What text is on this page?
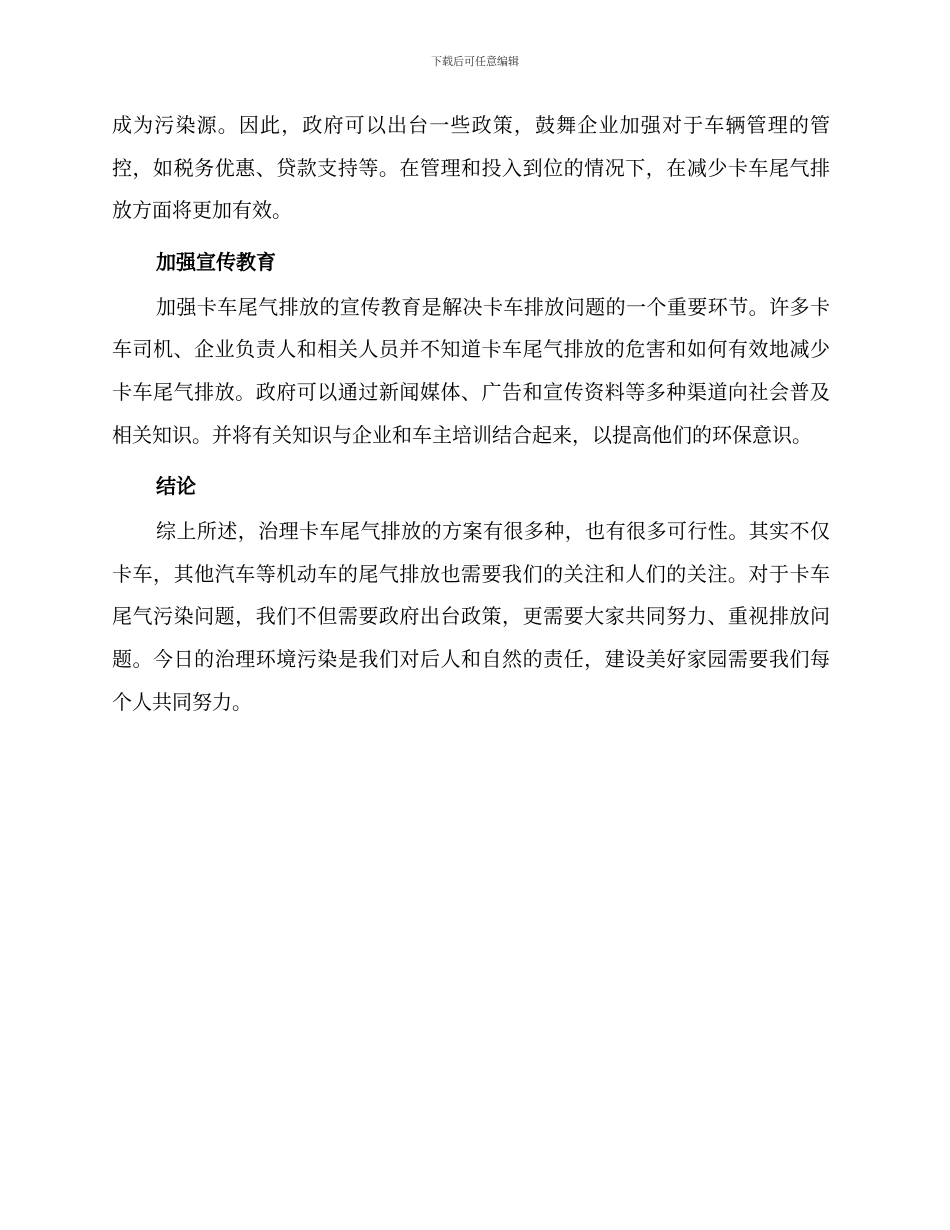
下载后可任意编辑

成为污染源。因此，政府可以出台一些政策，鼓舞企业加强对于车辆管理的管控，如税务优惠、贷款支持等。在管理和投入到位的情况下，在减少卡车尾气排放方面将更加有效。

加强宣传教育

加强卡车尾气排放的宣传教育是解决卡车排放问题的一个重要环节。许多卡车司机、企业负责人和相关人员并不知道卡车尾气排放的危害和如何有效地减少卡车尾气排放。政府可以通过新闻媒体、广告和宣传资料等多种渠道向社会普及相关知识。并将有关知识与企业和车主培训结合起来，以提高他们的环保意识。

结论

综上所述，治理卡车尾气排放的方案有很多种，也有很多可行性。其实不仅卡车，其他汽车等机动车的尾气排放也需要我们的关注和人们的关注。对于卡车尾气污染问题，我们不但需要政府出台政策，更需要大家共同努力、重视排放问题。今日的治理环境污染是我们对后人和自然的责任，建设美好家园需要我们每个人共同努力。
